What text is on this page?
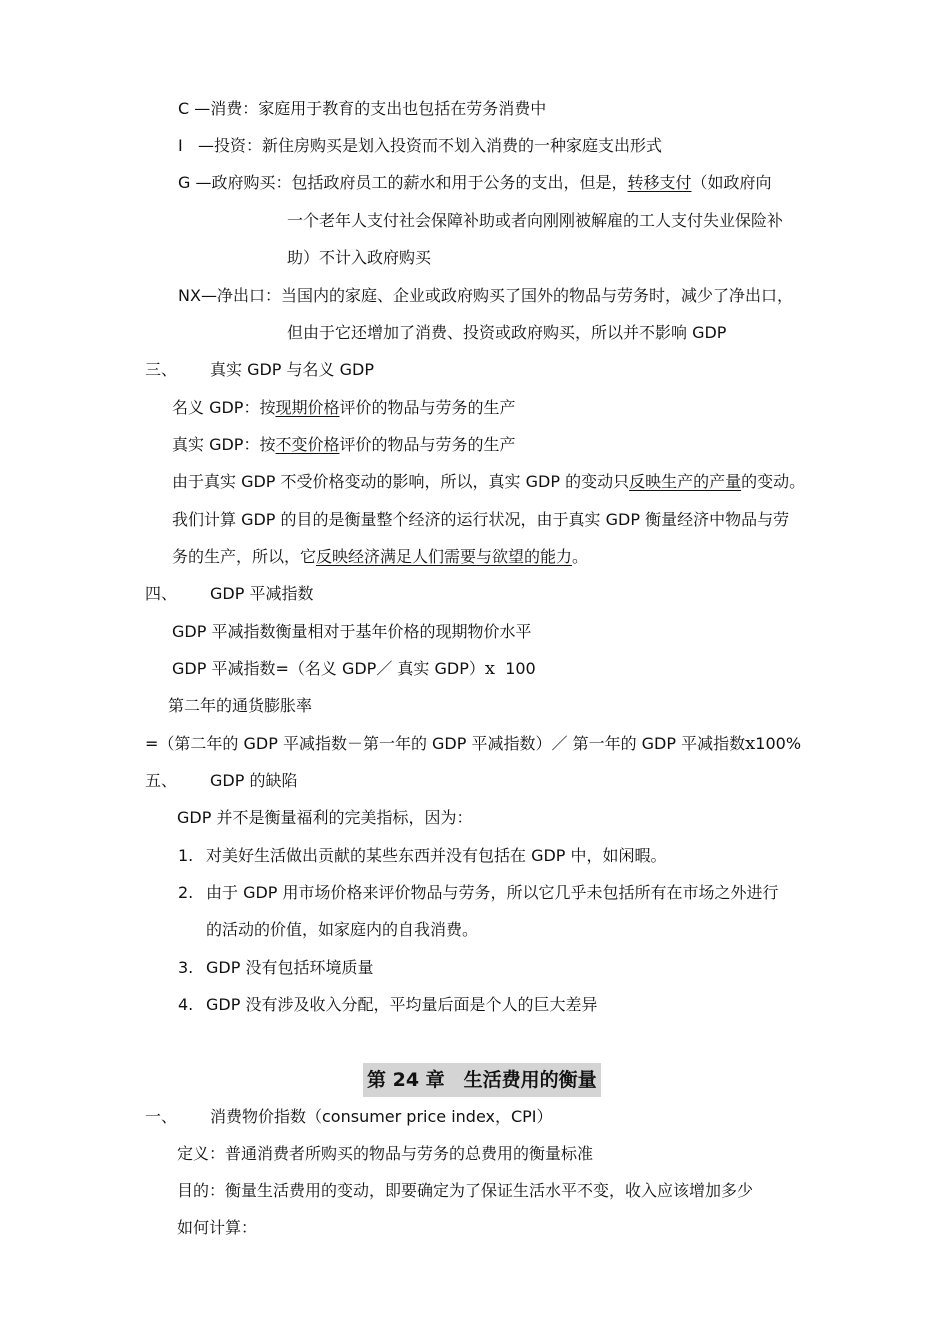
C —消费：家庭用于教育的支出也包括在劳务消费中
I —投资：新住房购买是划入投资而不划入消费的一种家庭支出形式
G —政府购买：包括政府员工的薪水和用于公务的支出，但是，转移支付（如政府向
一个老年人支付社会保障补助或者向刚刚被解雇的工人支付失业保险补
助）不计入政府购买
NX—净出口：当国内的家庭、企业或政府购买了国外的物品与劳务时，减少了净出口，
但由于它还增加了消费、投资或政府购买，所以并不影响 GDP
三、 真实 GDP 与名义 GDP
名义 GDP：按现期价格评价的物品与劳务的生产
真实 GDP：按不变价格评价的物品与劳务的生产
由于真实 GDP 不受价格变动的影响，所以，真实 GDP 的变动只反映生产的产量的变动。
我们计算 GDP 的目的是衡量整个经济的运行状况，由于真实 GDP 衡量经济中物品与劳
务的生产，所以，它反映经济满足人们需要与欲望的能力。
四、 GDP 平减指数
GDP 平减指数衡量相对于基年价格的现期物价水平
GDP 平减指数=（名义 GDP／ 真实 GDP）x 100
第二年的通货膨胀率
=（第二年的 GDP 平减指数－第一年的 GDP 平减指数）／ 第一年的 GDP 平减指数x100%
五、 GDP 的缺陷
GDP 并不是衡量福利的完美指标，因为：
1. 对美好生活做出贡献的某些东西并没有包括在 GDP 中，如闲暇。
2. 由于 GDP 用市场价格来评价物品与劳务，所以它几乎未包括所有在市场之外进行
的活动的价值，如家庭内的自我消费。
3. GDP 没有包括环境质量
4. GDP 没有涉及收入分配，平均量后面是个人的巨大差异
第 24 章　生活费用的衡量
一、 消费物价指数（consumer price index，CPI）
定义：普通消费者所购买的物品与劳务的总费用的衡量标准
目的：衡量生活费用的变动，即要确定为了保证生活水平不变，收入应该增加多少
如何计算：
